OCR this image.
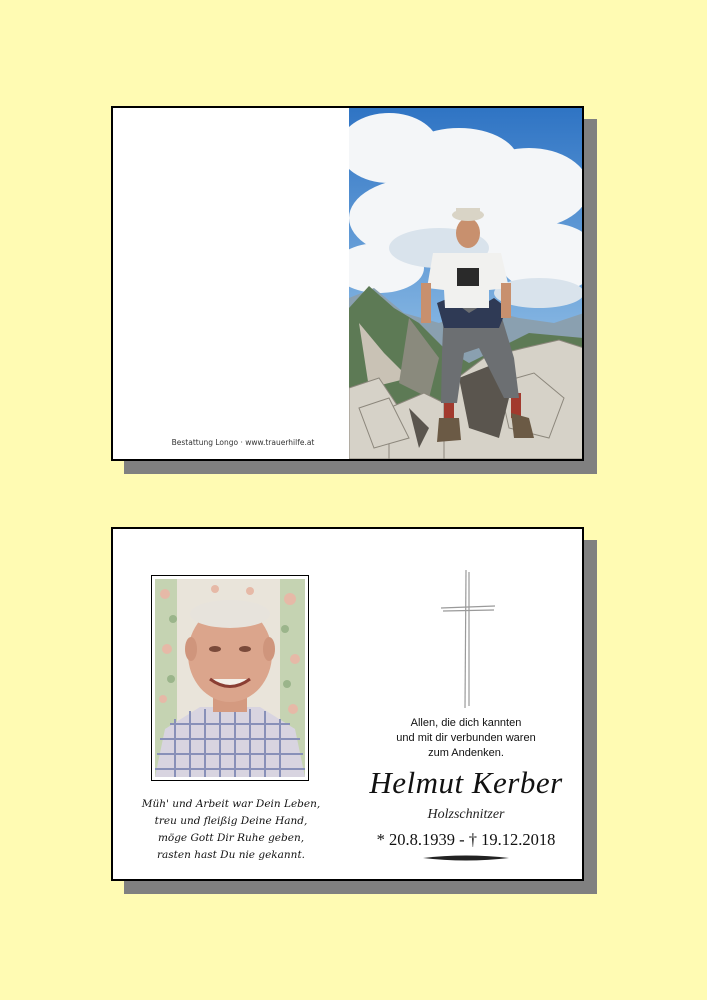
Bestattung Longo · www.trauerhilfe.at
Müh' und Arbeit war Dein Leben,
treu und fleißig Deine Hand,
möge Gott Dir Ruhe geben,
rasten hast Du nie gekannt.
Allen, die dich kannten
und mit dir verbunden waren
zum Andenken.
Helmut Kerber
Holzschnitzer
* 20.8.1939 - † 19.12.2018
